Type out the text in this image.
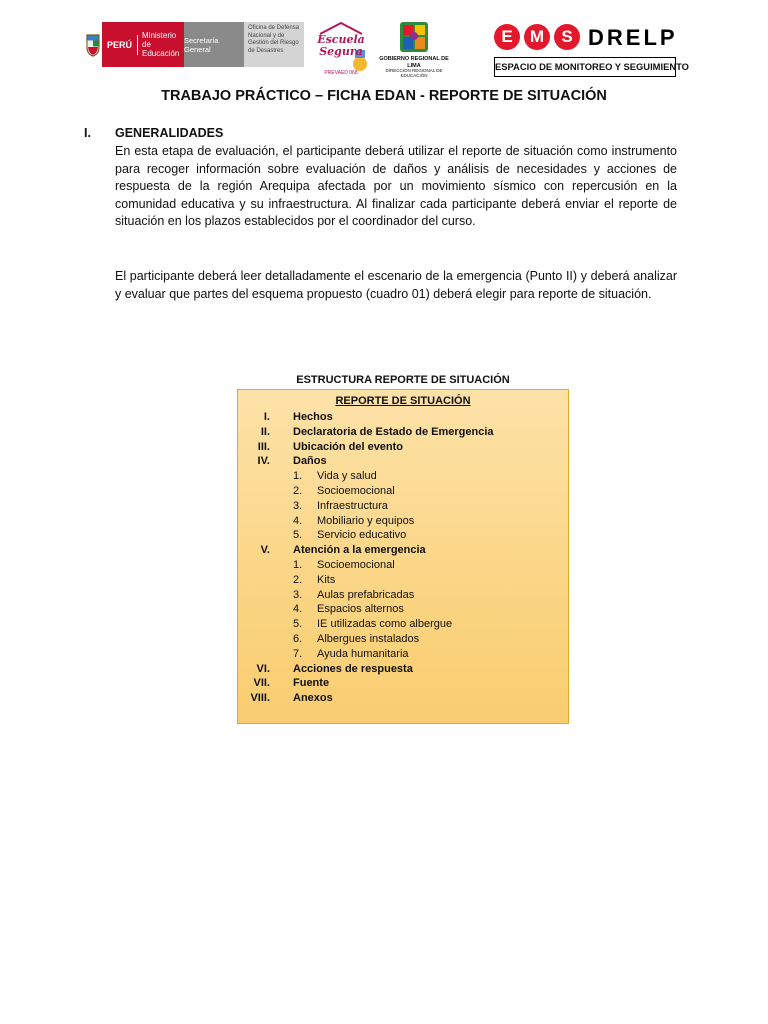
PERÚ
Ministerio de Educación
Secretaría General
Oficina de Defensa Nacional y de Gestión del Riesgo de Desastres
Escuela Segura
PREVAED 068
GOBIERNO REGIONAL DE LIMA
DIRECCIÓN REGIONAL DE EDUCACIÓN
E	M	S DRELP
ESPACIO DE MONITOREO Y SEGUIMIENTO
TRABAJO PRÁCTICO – FICHA EDAN - REPORTE DE SITUACIÓN
I. GENERALIDADES
En esta etapa de evaluación, el participante deberá utilizar el reporte de situación como instrumento para recoger información sobre evaluación de daños y análisis de necesidades y acciones de respuesta de la región Arequipa afectada por un movimiento sísmico con repercusión en la comunidad educativa y su infraestructura. Al finalizar cada participante deberá enviar el reporte de situación en los plazos establecidos por el coordinador del curso.
El participante deberá leer detalladamente el escenario de la emergencia (Punto II) y deberá analizar y evaluar que partes del esquema propuesto (cuadro 01) deberá elegir para reporte de situación.
ESTRUCTURA REPORTE DE SITUACIÓN
REPORTE DE SITUACIÓN
I. Hechos
II. Declaratoria de Estado de Emergencia
III. Ubicación del evento
IV. Daños
1. Vida y salud
2. Socioemocional
3. Infraestructura
4. Mobiliario y equipos
5. Servicio educativo
V. Atención a la emergencia
1. Socioemocional
2. Kits
3. Aulas prefabricadas
4. Espacios alternos
5. IE utilizadas como albergue
6. Albergues instalados
7. Ayuda humanitaria
VI. Acciones de respuesta
VII. Fuente
VIII. Anexos
